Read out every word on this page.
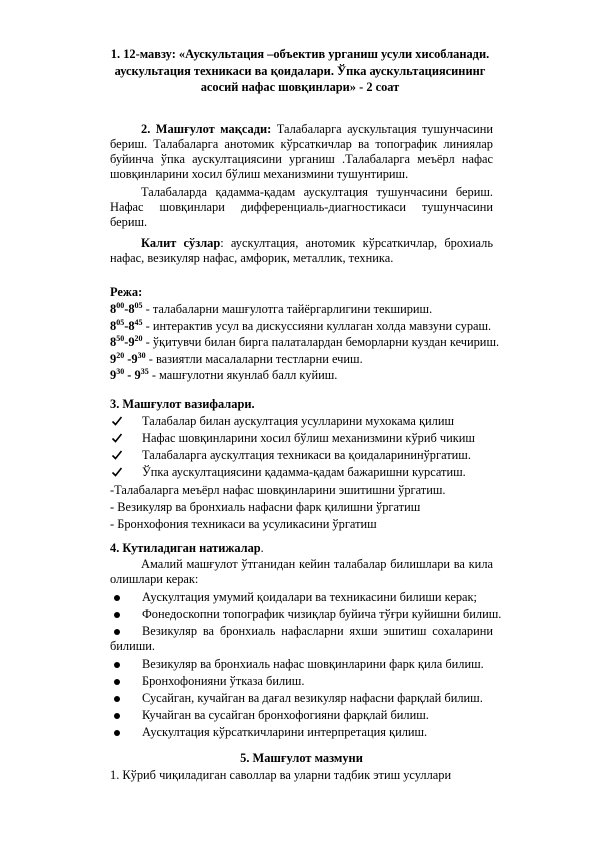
1. 12-мавзу: «Аускультация –объектив урганиш усули хисобланади. аускультация техникаси ва қоидалари. Ўпка аускультациясининг асосий нафас шовқинлари» - 2 соат
2. Машғулот мақсади: Талабаларга аускультация тушунчасини бериш. Талабаларга анотомик кўрсаткичлар ва топографик линиялар буйинча ўпка аускултациясини урганиш .Талабаларга меъёрл нафас шовқинларини хосил бўлиш механизмини тушунтириш.
Талабаларда қадамма-қадам аускултация тушунчасини бериш. Нафас шовқинлари дифференциаль-диагностикаси тушунчасини бериш.
Калит сўзлар: аускултация, анотомик кўрсаткичлар, брохиаль нафас, везикуляр нафас, амфорик, металлик, техника.
Режа:
$8^{00}-8^{05}$ - талабаларни машғулотга тайёргарлигини текшириш.
$8^{05}-8^{45}$ - интерактив усул ва дискуссияни куллаган холда мавзуни сураш.
$8^{50}-9^{20}$ - ўқитувчи билан бирга палаталардан беморларни куздан кечириш.
$9^{20}$ $-9^{30}$ - вазиятли масалаларни тестларни ечиш.
$9^{30} - 9^{35}$ - машғулотни якунлаб балл куйиш.
3. Машғулот вазифалари.
Талабалар билан аускултация усулларини мухокама қилиш
Нафас шовқинларини хосил бўлиш механизмини кўриб чикиш
Талабаларга аускултация техникаси ва қоидаларининўргатиш.
Ўпка аускултациясини қадамма-қадам бажаришни курсатиш.
-Талабаларга меъёрл нафас шовқинларини эшитишни ўргатиш.
- Везикуляр ва бронхиаль нафасни фарк қилишни ўргатиш
- Бронхофония техникаси ва усуликасини ўргатиш
4. Кутиладиган натижалар.
Амалий машғулот ўтганидан кейин талабалар билишлари ва кила олишлари керак:
Аускултация умумий қоидалари ва техникасини билиши керак;
Фонедоскопни топографик чизиқлар буйича тўғри куйишни билиш.
Везикуляр ва бронхиаль нафасларни яхши эшитиш сохаларини билиши.
Везикуляр ва бронхиаль нафас шовқинларини фарк қила билиш.
Бронхофонияни ўтказа билиш.
Сусайган, кучайган ва дағал везикуляр нафасни фарқлай билиш.
Кучайган ва сусайган бронхофогияни фарқлай билиш.
Аускултация кўрсаткичларини интерпретация қилиш.
5. Машғулот мазмуни
1. Кўриб чиқиладиган саволлар ва уларни тадбик этиш усуллари
